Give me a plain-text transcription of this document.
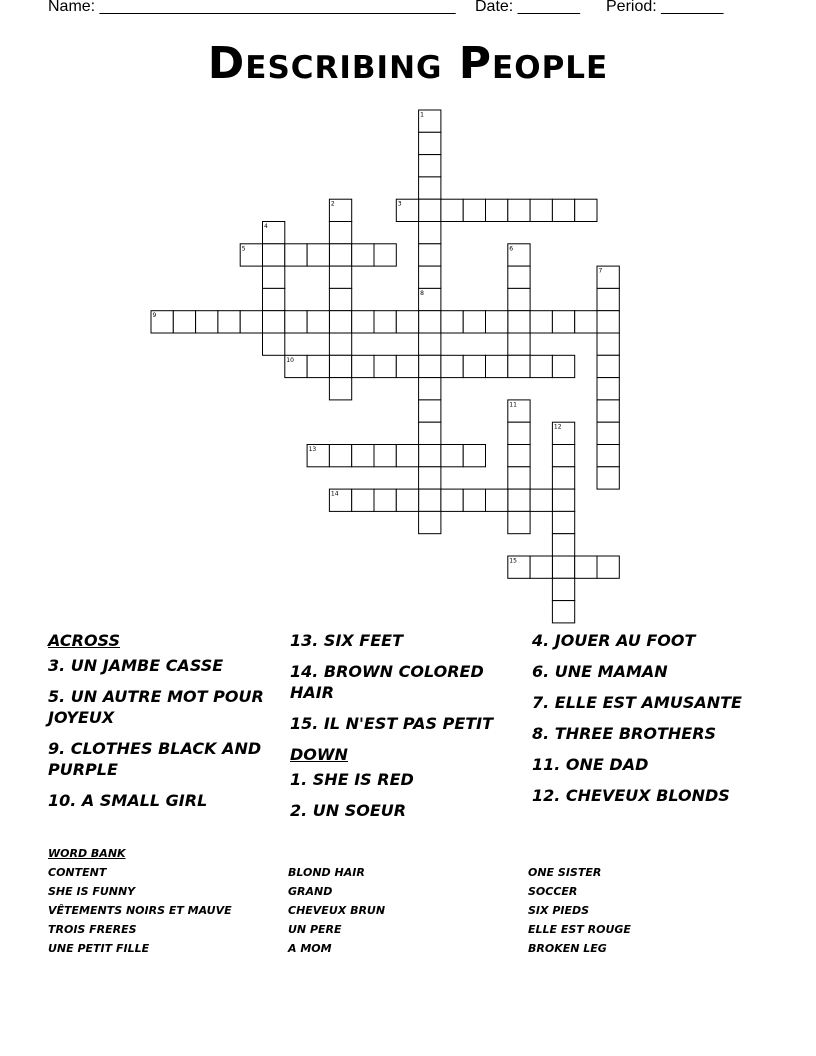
Name: ________________________________________ Date: _______ Period: _______
Describing People
1
2	3
4
5	6
7
8
9
10
11
12
13
14
15
ACROSS
3. UN JAMBE CASSE
5. UN AUTRE MOT POUR JOYEUX
9. CLOTHES BLACK AND PURPLE
10. A SMALL GIRL
13. SIX FEET
14. BROWN COLORED HAIR
15. IL N'EST PAS PETIT
DOWN
1. SHE IS RED
2. UN SOEUR
4. JOUER AU FOOT
6. UNE MAMAN
7. ELLE EST AMUSANTE
8. THREE BROTHERS
11. ONE DAD
12. CHEVEUX BLONDS
WORD BANK
CONTENT
SHE IS FUNNY
VÊTEMENTS NOIRS ET MAUVE
TROIS FRERES
UNE PETIT FILLE
BLOND HAIR
GRAND
CHEVEUX BRUN
UN PERE
A MOM
ONE SISTER
SOCCER
SIX PIEDS
ELLE EST ROUGE
BROKEN LEG
